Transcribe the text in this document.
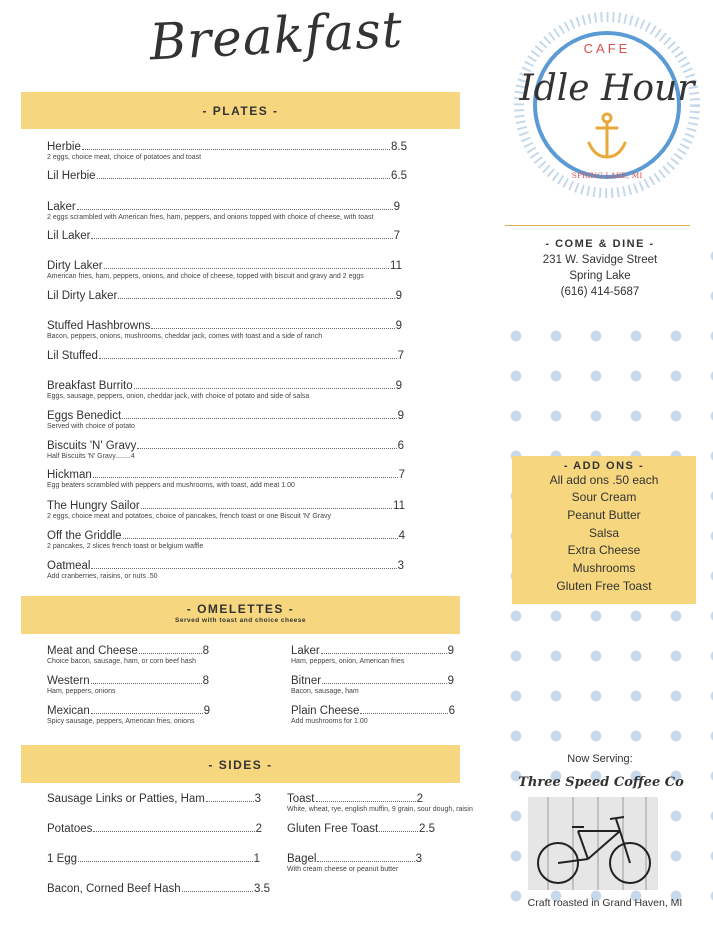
Breakfast
- PLATES -
Herbie	8.5
2 eggs, choice meat, choice of potatoes and toast
Lil Herbie	6.5
Laker	9
2 eggs scrambled with American fries, ham, peppers, and onions topped with choice of cheese, with toast
Lil Laker	7
Dirty Laker	11
American fries, ham, peppers, onions, and choice of cheese, topped with biscuit and gravy and 2 eggs
Lil Dirty Laker	9
Stuffed Hashbrowns	9
Bacon, peppers, onions, mushrooms, cheddar jack, comes with toast and a side of ranch
Lil Stuffed	7
Breakfast Burrito	9
Eggs, sausage, peppers, onion, cheddar jack, with choice of potato and side of salsa
Eggs Benedict	9
Served with choice of potato
Biscuits 'N' Gravy	6
Half Biscuits 'N' Gravy........4
Hickman	7
Egg beaters scrambled with peppers and mushrooms, with toast, add meat 1.00
The Hungry Sailor	11
2 eggs, choice meat and potatoes, choice of pancakes, french toast or one Biscuit 'N' Gravy
Off the Griddle	4
2 pancakes, 2 slices french toast or belgium waffle
Oatmeal	3
Add cranberries, raisins, or nuts .50
- OMELETTES -
Served with toast and choice cheese
Meat and Cheese	8
Choice bacon, sausage, ham, or corn beef hash
Western	8
Ham, peppers, onions
Mexican	9
Spicy sausage, peppers, American fries, onions
Laker	9
Ham, peppers, onion, American fries
Bitner	9
Bacon, sausage, ham
Plain Cheese	6
Add mushrooms for 1.00
- SIDES -
Sausage Links or Patties, Ham	3
Potatoes	2
1 Egg	1
Bacon, Corned Beef Hash	3.5
Toast	2
White, wheat, rye, english muffin, 9 grain, sour dough, raisin
Gluten Free Toast	2.5
Bagel	3
With cream cheese or peanut butter
CAFE
Idle Hour
SPRING LAKE, MI
- COME & DINE -
231 W. Savidge Street
Spring Lake
(616) 414-5687
- ADD ONS -
All add ons .50 each
Sour Cream
Peanut Butter
Salsa
Extra Cheese
Mushrooms
Gluten Free Toast
Now Serving:
Three Speed Coffee Co
Craft roasted in Grand Haven, MI
